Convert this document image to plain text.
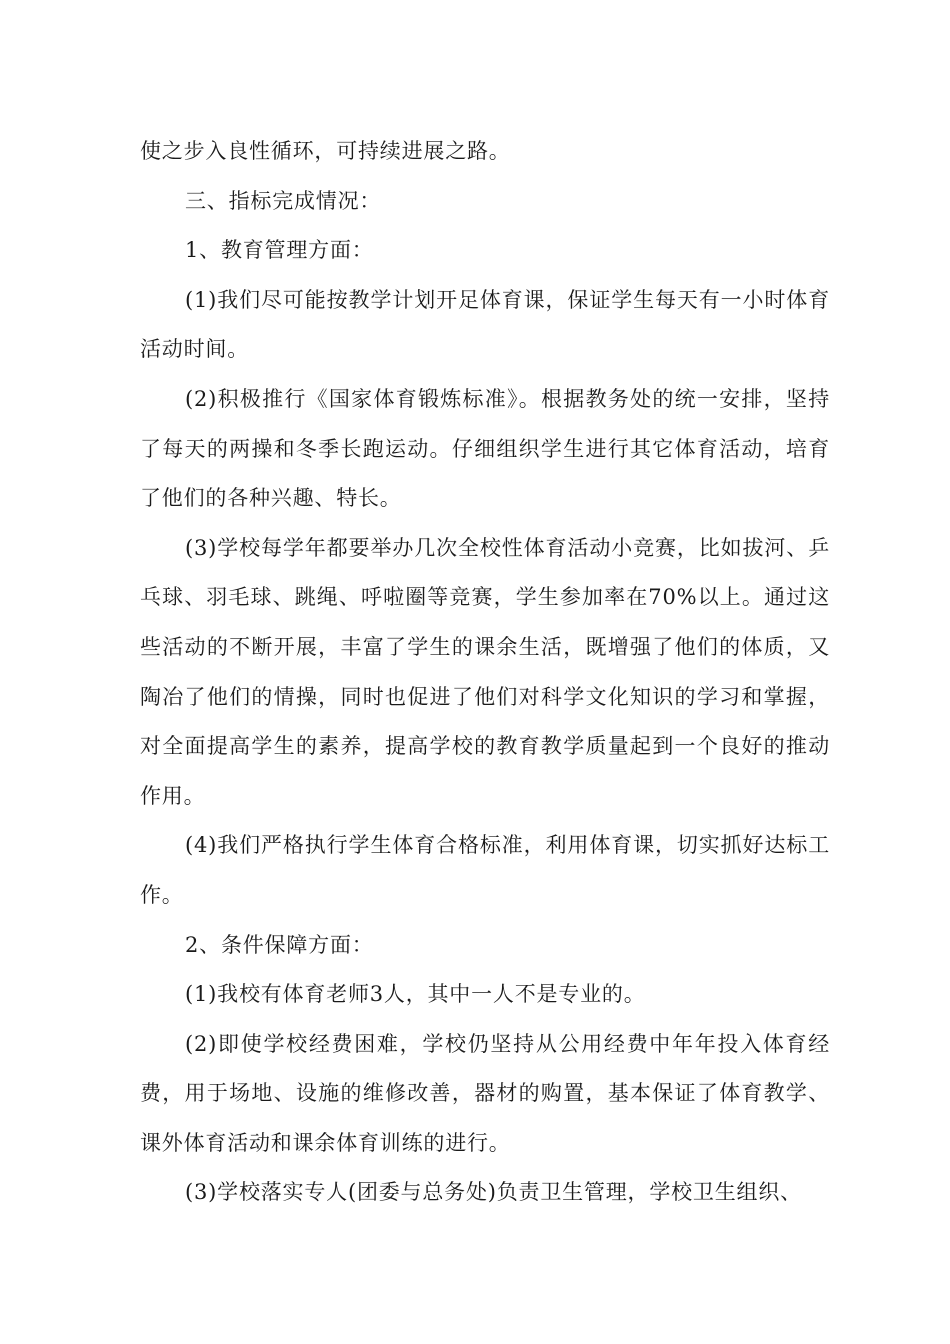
使之步入良性循环，可持续进展之路。

三、指标完成情况：

1、教育管理方面：

(1)我们尽可能按教学计划开足体育课，保证学生每天有一小时体育活动时间。

(2)积极推行《国家体育锻炼标准》。根据教务处的统一安排，坚持了每天的两操和冬季长跑运动。仔细组织学生进行其它体育活动，培育了他们的各种兴趣、特长。

(3)学校每学年都要举办几次全校性体育活动小竞赛，比如拔河、乒乓球、羽毛球、跳绳、呼啦圈等竞赛，学生参加率在70%以上。通过这些活动的不断开展，丰富了学生的课余生活，既增强了他们的体质，又陶冶了他们的情操，同时也促进了他们对科学文化知识的学习和掌握，对全面提高学生的素养，提高学校的教育教学质量起到一个良好的推动作用。

(4)我们严格执行学生体育合格标准，利用体育课，切实抓好达标工作。

2、条件保障方面：

(1)我校有体育老师3人，其中一人不是专业的。

(2)即使学校经费困难，学校仍坚持从公用经费中年年投入体育经费，用于场地、设施的维修改善，器材的购置，基本保证了体育教学、课外体育活动和课余体育训练的进行。

(3)学校落实专人(团委与总务处)负责卫生管理，学校卫生组织、
